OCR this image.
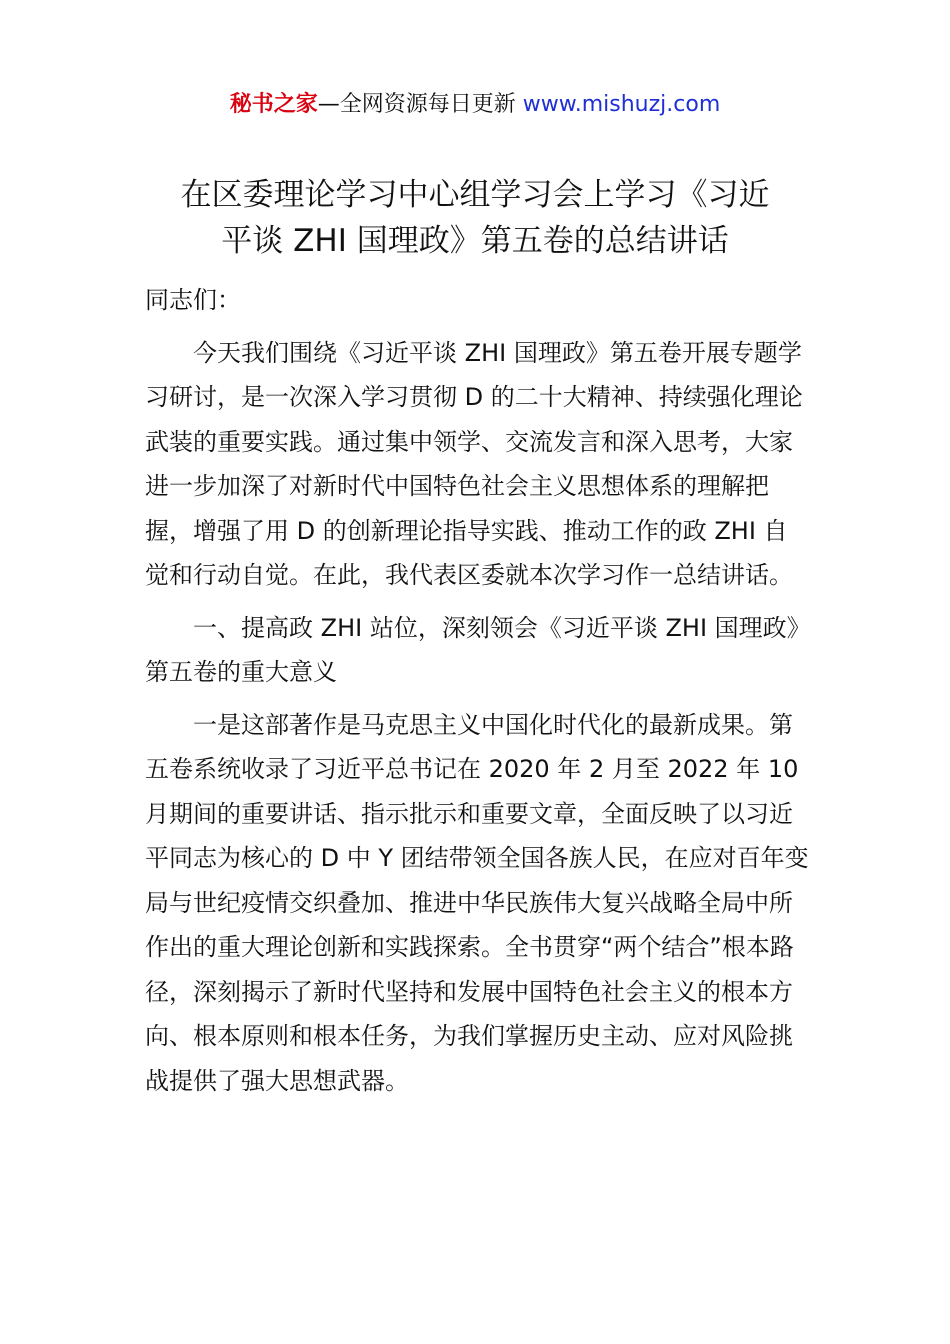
秘书之家—全网资源每日更新 www.mishuzj.com
在区委理论学习中心组学习会上学习《习近
平谈 ZHI 国理政》第五卷的总结讲话

同志们：

今天我们围绕《习近平谈 ZHI 国理政》第五卷开展专题学习研讨，是一次深入学习贯彻 D 的二十大精神、持续强化理论武装的重要实践。通过集中领学、交流发言和深入思考，大家进一步加深了对新时代中国特色社会主义思想体系的理解把握，增强了用 D 的创新理论指导实践、推动工作的政 ZHI 自觉和行动自觉。在此，我代表区委就本次学习作一总结讲话。

一、提高政 ZHI 站位，深刻领会《习近平谈 ZHI 国理政》第五卷的重大意义

一是这部著作是马克思主义中国化时代化的最新成果。第五卷系统收录了习近平总书记在 2020 年 2 月至 2022 年 10 月期间的重要讲话、指示批示和重要文章，全面反映了以习近平同志为核心的 D 中 Y 团结带领全国各族人民，在应对百年变局与世纪疫情交织叠加、推进中华民族伟大复兴战略全局中所作出的重大理论创新和实践探索。全书贯穿“两个结合”根本路径，深刻揭示了新时代坚持和发展中国特色社会主义的根本方向、根本原则和根本任务，为我们掌握历史主动、应对风险挑战提供了强大思想武器。
